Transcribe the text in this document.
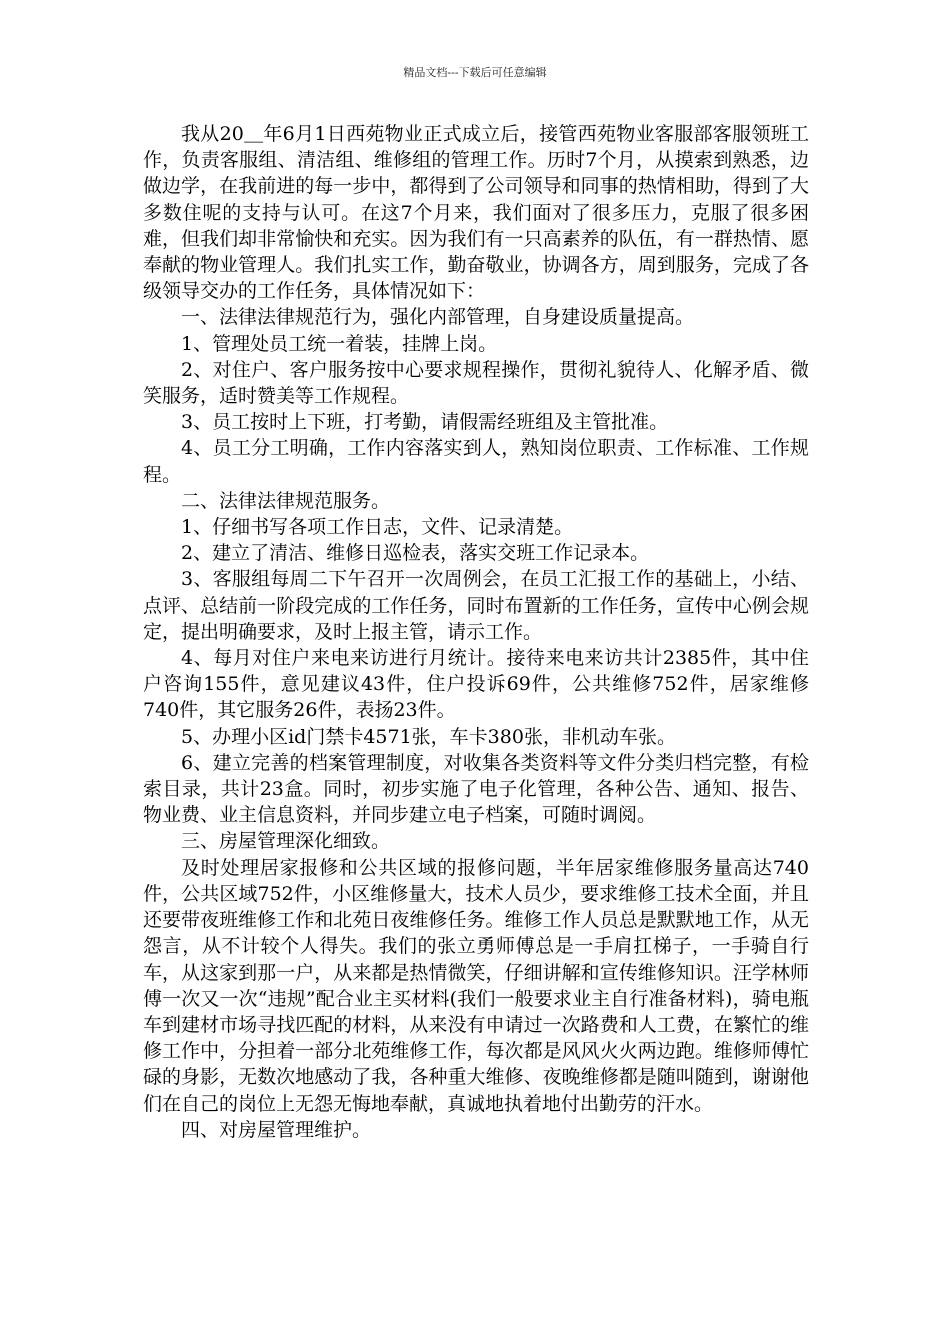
精品文档---下载后可任意编辑

我从20＿年6月1日西苑物业正式成立后，接管西苑物业客服部客服领班工作，负责客服组、清洁组、维修组的管理工作。历时7个月，从摸索到熟悉，边做边学，在我前进的每一步中，都得到了公司领导和同事的热情相助，得到了大多数住呢的支持与认可。在这7个月来，我们面对了很多压力，克服了很多困难，但我们却非常愉快和充实。因为我们有一只高素养的队伍，有一群热情、愿奉献的物业管理人。我们扎实工作，勤奋敬业，协调各方，周到服务，完成了各级领导交办的工作任务，具体情况如下：

一、法律法律规范行为，强化内部管理，自身建设质量提高。

1、管理处员工统一着装，挂牌上岗。

2、对住户、客户服务按中心要求规程操作，贯彻礼貌待人、化解矛盾、微笑服务，适时赞美等工作规程。

3、员工按时上下班，打考勤，请假需经班组及主管批准。

4、员工分工明确，工作内容落实到人，熟知岗位职责、工作标准、工作规程。

二、法律法律规范服务。

1、仔细书写各项工作日志，文件、记录清楚。

2、建立了清洁、维修日巡检表，落实交班工作记录本。

3、客服组每周二下午召开一次周例会，在员工汇报工作的基础上，小结、点评、总结前一阶段完成的工作任务，同时布置新的工作任务，宣传中心例会规定，提出明确要求，及时上报主管，请示工作。

4、每月对住户来电来访进行月统计。接待来电来访共计2385件，其中住户咨询155件，意见建议43件，住户投诉69件，公共维修752件，居家维修740件，其它服务26件，表扬23件。

5、办理小区id门禁卡4571张，车卡380张，非机动车张。

6、建立完善的档案管理制度，对收集各类资料等文件分类归档完整，有检索目录，共计23盒。同时，初步实施了电子化管理，各种公告、通知、报告、物业费、业主信息资料，并同步建立电子档案，可随时调阅。

三、房屋管理深化细致。

及时处理居家报修和公共区域的报修问题，半年居家维修服务量高达740件，公共区域752件，小区维修量大，技术人员少，要求维修工技术全面，并且还要带夜班维修工作和北苑日夜维修任务。维修工作人员总是默默地工作，从无怨言，从不计较个人得失。我们的张立勇师傅总是一手肩扛梯子，一手骑自行车，从这家到那一户，从来都是热情微笑，仔细讲解和宣传维修知识。汪学林师傅一次又一次“违规”配合业主买材料(我们一般要求业主自行准备材料)，骑电瓶车到建材市场寻找匹配的材料，从来没有申请过一次路费和人工费，在繁忙的维修工作中，分担着一部分北苑维修工作，每次都是风风火火两边跑。维修师傅忙碌的身影，无数次地感动了我，各种重大维修、夜晚维修都是随叫随到，谢谢他们在自己的岗位上无怨无悔地奉献，真诚地执着地付出勤劳的汗水。

四、对房屋管理维护。
